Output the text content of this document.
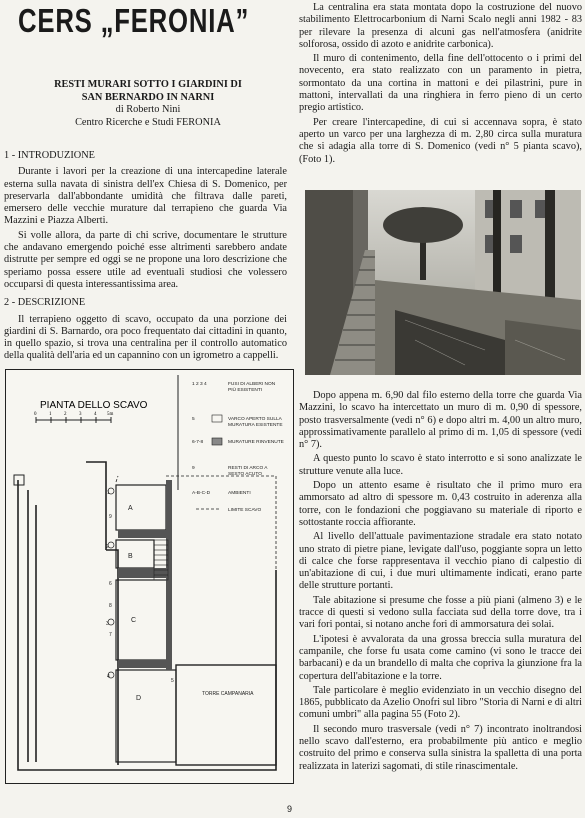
CERS „FERONIA”
RESTI MURARI SOTTO I GIARDINI DI
SAN BERNARDO IN NARNI
di Roberto Nini
Centro Ricerche e Studi FERONIA

1 - INTRODUZIONE

Durante i lavori per la creazione di una intercapedine laterale esterna sulla navata di sinistra dell'ex Chiesa di S. Domenico, per preservarla dall'abbondante umidità che filtrava dalle pareti, emersero delle vecchie murature dal terrapieno che guarda Via Mazzini e Piazza Alberti.

Si volle allora, da parte di chi scrive, documentare le strutture che andavano emergendo poiché esse altrimenti sarebbero andate distrutte per sempre ed oggi se ne propone una loro descrizione che speriamo possa essere utile ad eventuali studiosi che volessero occuparsi di questa interessantissima area.

2 - DESCRIZIONE

Il terrapieno oggetto di scavo, occupato da una porzione dei giardini di S. Barnardo, ora poco frequentato dai cittadini in quanto, in quello spazio, si trova una centralina per il controllo automatico della qualità dell'aria ed un capannino con un igrometro a cappelli.

La centralina era stata montata dopo la costruzione del nuovo stabilimento Elettrocarbonium di Narni Scalo negli anni 1982 - 83 per rilevare la presenza di alcuni gas nell'atmosfera (anidrite solforosa, ossido di azoto e anidrite carbonica).

Il muro di contenimento, della fine dell'ottocento o i primi del novecento, era stato realizzato con un paramento in pietra, sormontato da una cortina in mattoni e dei pilastrini, pure in mattoni, intervallati da una ringhiera in ferro pieno di un certo pregio artistico.

Per creare l'intercapedine, di cui si accennava sopra, è stato aperto un varco per una larghezza di m. 2,80 circa sulla muratura che si adagia alla torre di S. Domenico (vedi n° 5 pianta scavo), (Foto 1).

Dopo appena m. 6,90 dal filo esterno della torre che guarda Via Mazzini, lo scavo ha intercettato un muro di m. 0,90 di spessore, posto trasversalmente (vedi n° 6) e dopo altri m. 4,00 un altro muro, approssimativamente parallelo al primo di m. 1,05 di spessore (vedi n° 7).

A questo punto lo scavo è stato interrotto e si sono analizzate le strutture venute alla luce.

Dopo un attento esame è risultato che il primo muro era ammorsato ad altro di spessore m. 0,43 costruito in aderenza alla torre, con le fondazioni che poggiavano su materiale di riporto e sottostante roccia affiorante.

Al livello dell'attuale pavimentazione stradale era stato notato uno strato di pietre piane, levigate dall'uso, poggiante sopra un letto di calce che forse rappresentava il vecchio piano di calpestio di un'abitazione di cui, i due muri ultimamente indicati, erano parte delle strutture portanti.

Tale abitazione si presume che fosse a più piani (almeno 3) e le tracce di questi si vedono sulla facciata sud della torre dove, tra i vari fori pontai, si notano anche fori di ammorsatura dei solai.

L'ipotesi è avvalorata da una grossa breccia sulla muratura del campanile, che forse fu usata come camino (vi sono le tracce dei barbacani) e da un brandello di malta che copriva la giunzione fra la copertura dell'abitazione e la torre.

Tale particolare è meglio evidenziato in un vecchio disegno del 1865, pubblicato da Azelio Onofri sul libro "Storia di Narni e di altri comuni umbri" alla pagina 55 (Foto 2).

Il secondo muro trasversale (vedi n° 7) incontrato inoltrandosi nello scavo dall'esterno, era probabilmente più antico e meglio costruito del primo e conserva sulla sinistra la spalletta di una porta realizzata in laterizi sagomati, di stile rinascimentale.

PIANTA DELLO SCAVO
0	1	2	3	4 5m
1 2 3 4	FUSI DI ALBERI NON
PIÙ ESISTENTI
5	VARCO APERTO SULLA
MURATURA ESISTENTE
6-7-8	MURATURE RINVENUTE
9	RESTI DI ARCO A
SESTO ACUTO
A-B-C-D	AMBIENTI
LIMITE SCAVO
A
B
C
D
1
2
3
4
5
6
7
8
9
TORRE CAMPANARIA
9
